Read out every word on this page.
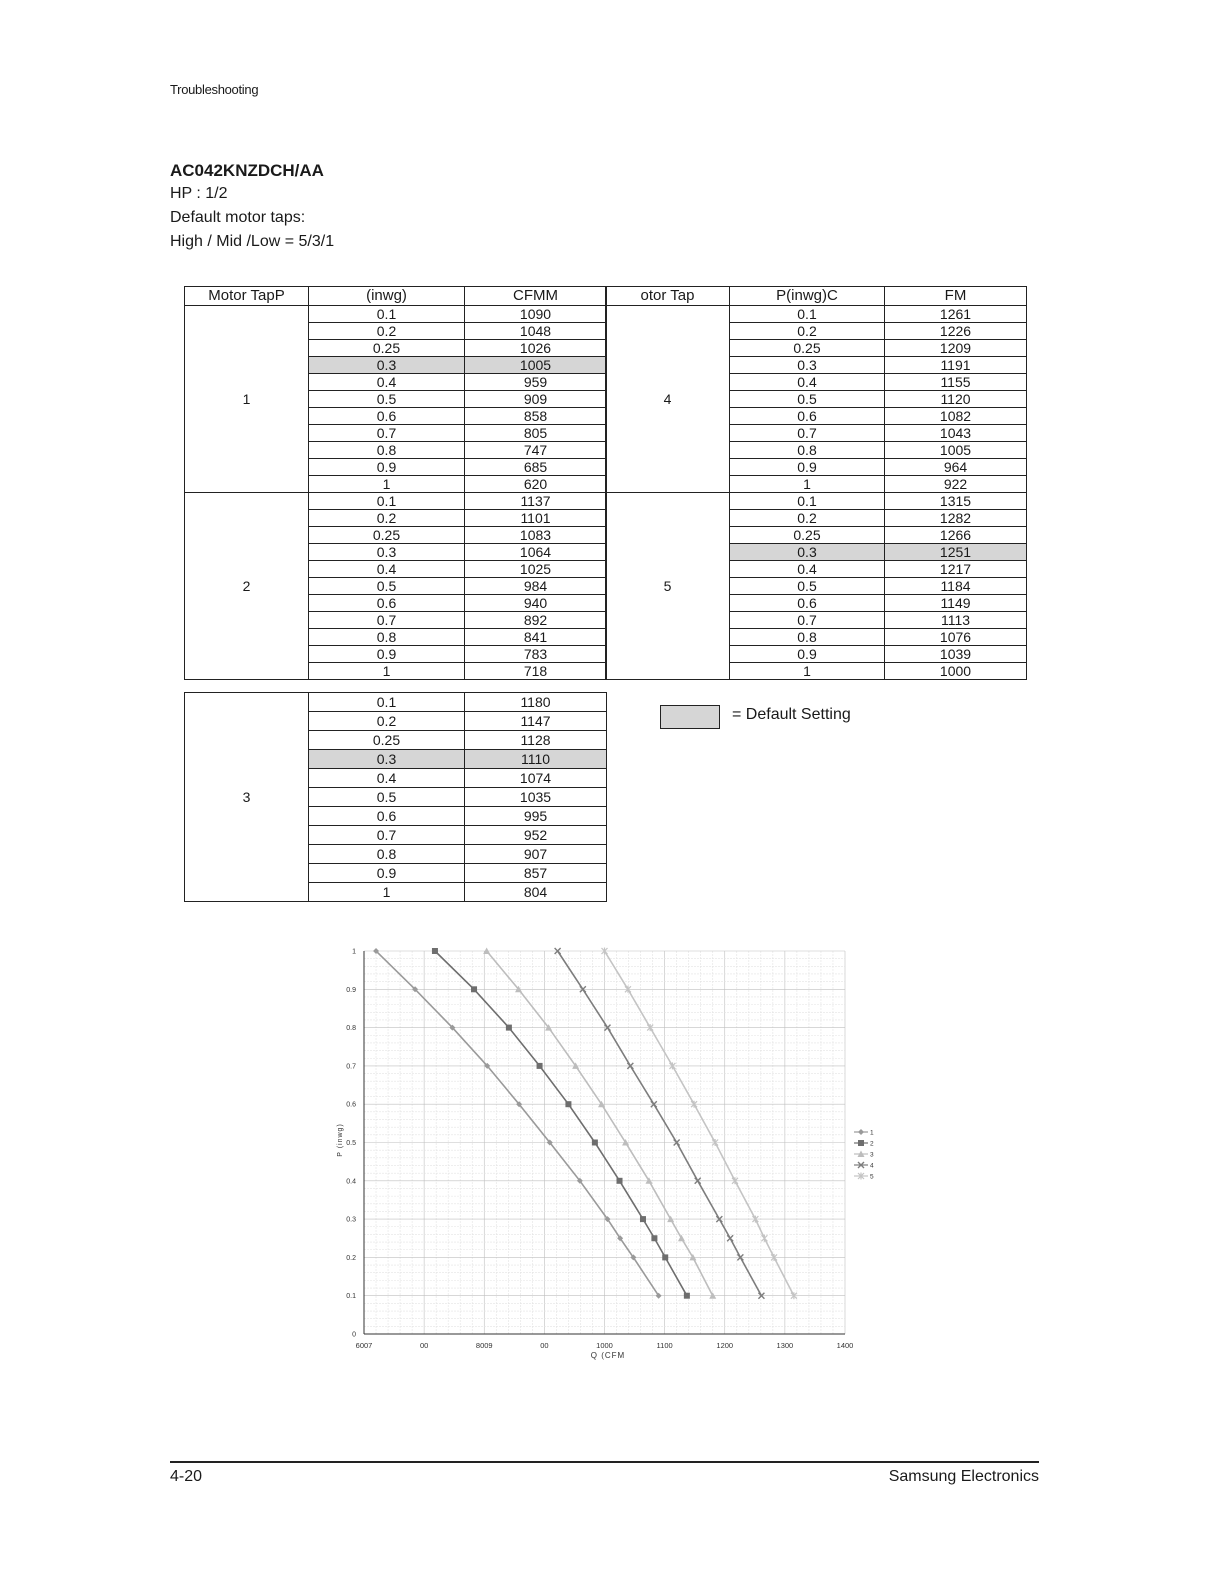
Troubleshooting
AC042KNZDCH/AA
HP : 1/2
Default motor taps:
High / Mid /Low = 5/3/1
Motor TapP	(inwg)	CFMM
1	0.1	1090
	0.2	1048
	0.25	1026
	0.3	1005
	0.4	959
	0.5	909
	0.6	858
	0.7	805
	0.8	747
	0.9	685
	1	620
2	0.1	1137
	0.2	1101
	0.25	1083
	0.3	1064
	0.4	1025
	0.5	984
	0.6	940
	0.7	892
	0.8	841
	0.9	783
	1	718
otor Tap	P(inwg)C	FM
4	0.1	1261
	0.2	1226
	0.25	1209
	0.3	1191
	0.4	1155
	0.5	1120
	0.6	1082
	0.7	1043
	0.8	1005
	0.9	964
	1	922
5	0.1	1315
	0.2	1282
	0.25	1266
	0.3	1251
	0.4	1217
	0.5	1184
	0.6	1149
	0.7	1113
	0.8	1076
	0.9	1039
	1	1000
3	0.1	1180
	0.2	1147
	0.25	1128
	0.3	1110
	0.4	1074
	0.5	1035
	0.6	995
	0.7	952
	0.8	907
	0.9	857
	1	804
= Default Setting
6007	00	8009	00	1000	1100	1200	1300	1400
0
0.1
0.2
0.3
0.4
0.5
0.6
0.7
0.8
0.9
1
1
2
3
4
5
Q (CFM
P (inwg)
4-20	Samsung Electronics
